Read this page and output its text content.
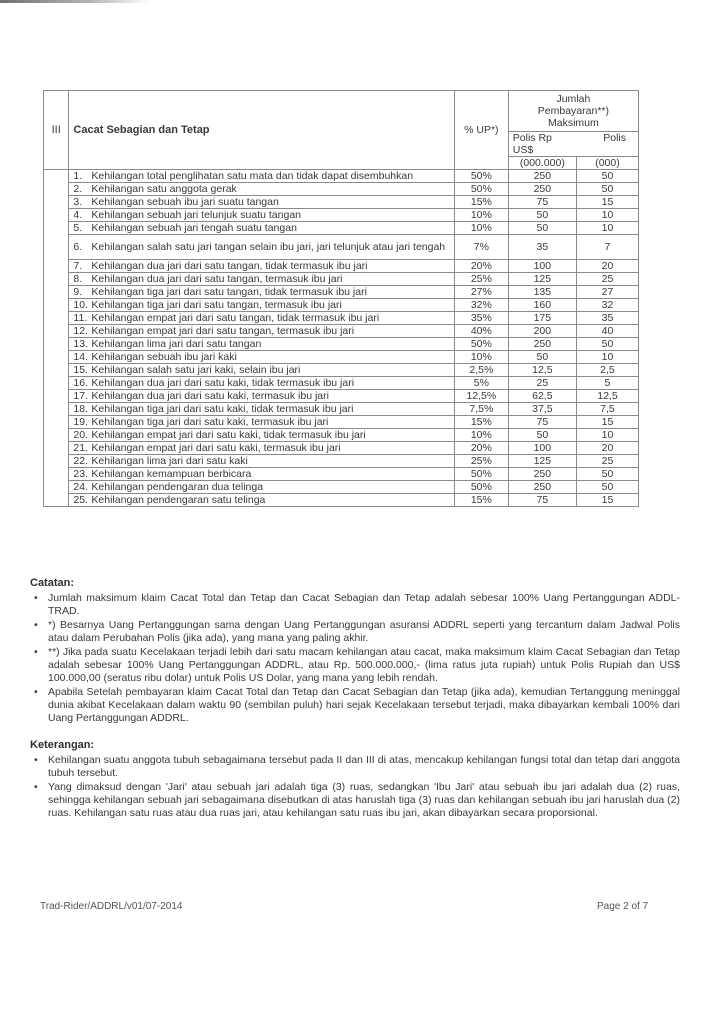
III	Cacat Sebagian dan Tetap	% UP*)	Jumlah
Pembayaran**)
Maksimum	

			Polis Rp Polis
US$	

			(000.000)	(000)

	1. Kehilangan total penglihatan satu mata dan tidak dapat disembuhkan	50%	250	50

	2. Kehilangan satu anggota gerak	50%	250	50

	3. Kehilangan sebuah ibu jari suatu tangan	15%	75	15

	4. Kehilangan sebuah jari telunjuk suatu tangan	10%	50	10

	5. Kehilangan sebuah jari tengah suatu tangan	10%	50	10

	6. Kehilangan salah satu jari tangan selain ibu jari, jari telunjuk atau jari tengah	7%	35	7

	7. Kehilangan dua jari dari satu tangan, tidak termasuk ibu jari	20%	100	20

	8. Kehilangan dua jari dari satu tangan, termasuk ibu jari	25%	125	25

	9. Kehilangan tiga jari dari satu tangan, tidak termasuk ibu jari	27%	135	27

	10. Kehilangan tiga jari dari satu tangan, termasuk ibu jari	32%	160	32

	11. Kehilangan empat jari dari satu tangan, tidak termasuk ibu jari	35%	175	35

	12. Kehilangan empat jari dari satu tangan, termasuk ibu jari	40%	200	40

	13. Kehilangan lima jari dari satu tangan	50%	250	50

	14. Kehilangan sebuah ibu jari kaki	10%	50	10

	15. Kehilangan salah satu jari kaki, selain ibu jari	2,5%	12,5	2,5

	16. Kehilangan dua jari dari satu kaki, tidak termasuk ibu jari	5%	25	5

	17. Kehilangan dua jari dari satu kaki, termasuk ibu jari	12,5%	62,5	12,5

	18. Kehilangan tiga jari dari satu kaki, tidak termasuk ibu jari	7,5%	37,5	7,5

	19. Kehilangan tiga jari dari satu kaki, termasuk ibu jari	15%	75	15

	20. Kehilangan empat jari dari satu kaki, tidak termasuk ibu jari	10%	50	10

	21. Kehilangan empat jari dari satu kaki, termasuk ibu jari	20%	100	20

	22. Kehilangan lima jari dari satu kaki	25%	125	25

	23. Kehilangan kemampuan berbicara	50%	250	50

	24. Kehilangan pendengaran dua telinga	50%	250	50

	25. Kehilangan pendengaran satu telinga	15%	75	15
Catatan:
• Jumlah maksimum klaim Cacat Total dan Tetap dan Cacat Sebagian dan Tetap adalah sebesar 100% Uang Pertanggungan ADDL-TRAD.
• *) Besarnya Uang Pertanggungan sama dengan Uang Pertanggungan asuransi ADDRL seperti yang tercantum dalam Jadwal Polis atau dalam Perubahan Polis (jika ada), yang mana yang paling akhir.
• **) Jika pada suatu Kecelakaan terjadi lebih dari satu macam kehilangan atau cacat, maka maksimum klaim Cacat Sebagian dan Tetap adalah sebesar 100% Uang Pertanggungan ADDRL, atau Rp. 500.000.000,- (lima ratus juta rupiah) untuk Polis Rupiah dan US$ 100.000,00 (seratus ribu dolar) untuk Polis US Dolar, yang mana yang lebih rendah.
• Apabila Setelah pembayaran klaim Cacat Total dan Tetap dan Cacat Sebagian dan Tetap (jika ada), kemudian Tertanggung meninggal dunia akibat Kecelakaan dalam waktu 90 (sembilan puluh) hari sejak Kecelakaan tersebut terjadi, maka dibayarkan kembali 100% dari Uang Pertanggungan ADDRL.
Keterangan:
• Kehilangan suatu anggota tubuh sebagaimana tersebut pada II dan III di atas, mencakup kehilangan fungsi total dan tetap dari anggota tubuh tersebut.
• Yang dimaksud dengan 'Jari' atau sebuah jari adalah tiga (3) ruas, sedangkan 'Ibu Jari' atau sebuah ibu jari adalah dua (2) ruas, sehingga kehilangan sebuah jari sebagaimana disebutkan di atas haruslah tiga (3) ruas dan kehilangan sebuah ibu jari haruslah dua (2) ruas. Kehilangan satu ruas atau dua ruas jari, atau kehilangan satu ruas ibu jari, akan dibayarkan secara proporsional.
Trad-Rider/ADDRL/v01/07-2014	Page 2 of 7
